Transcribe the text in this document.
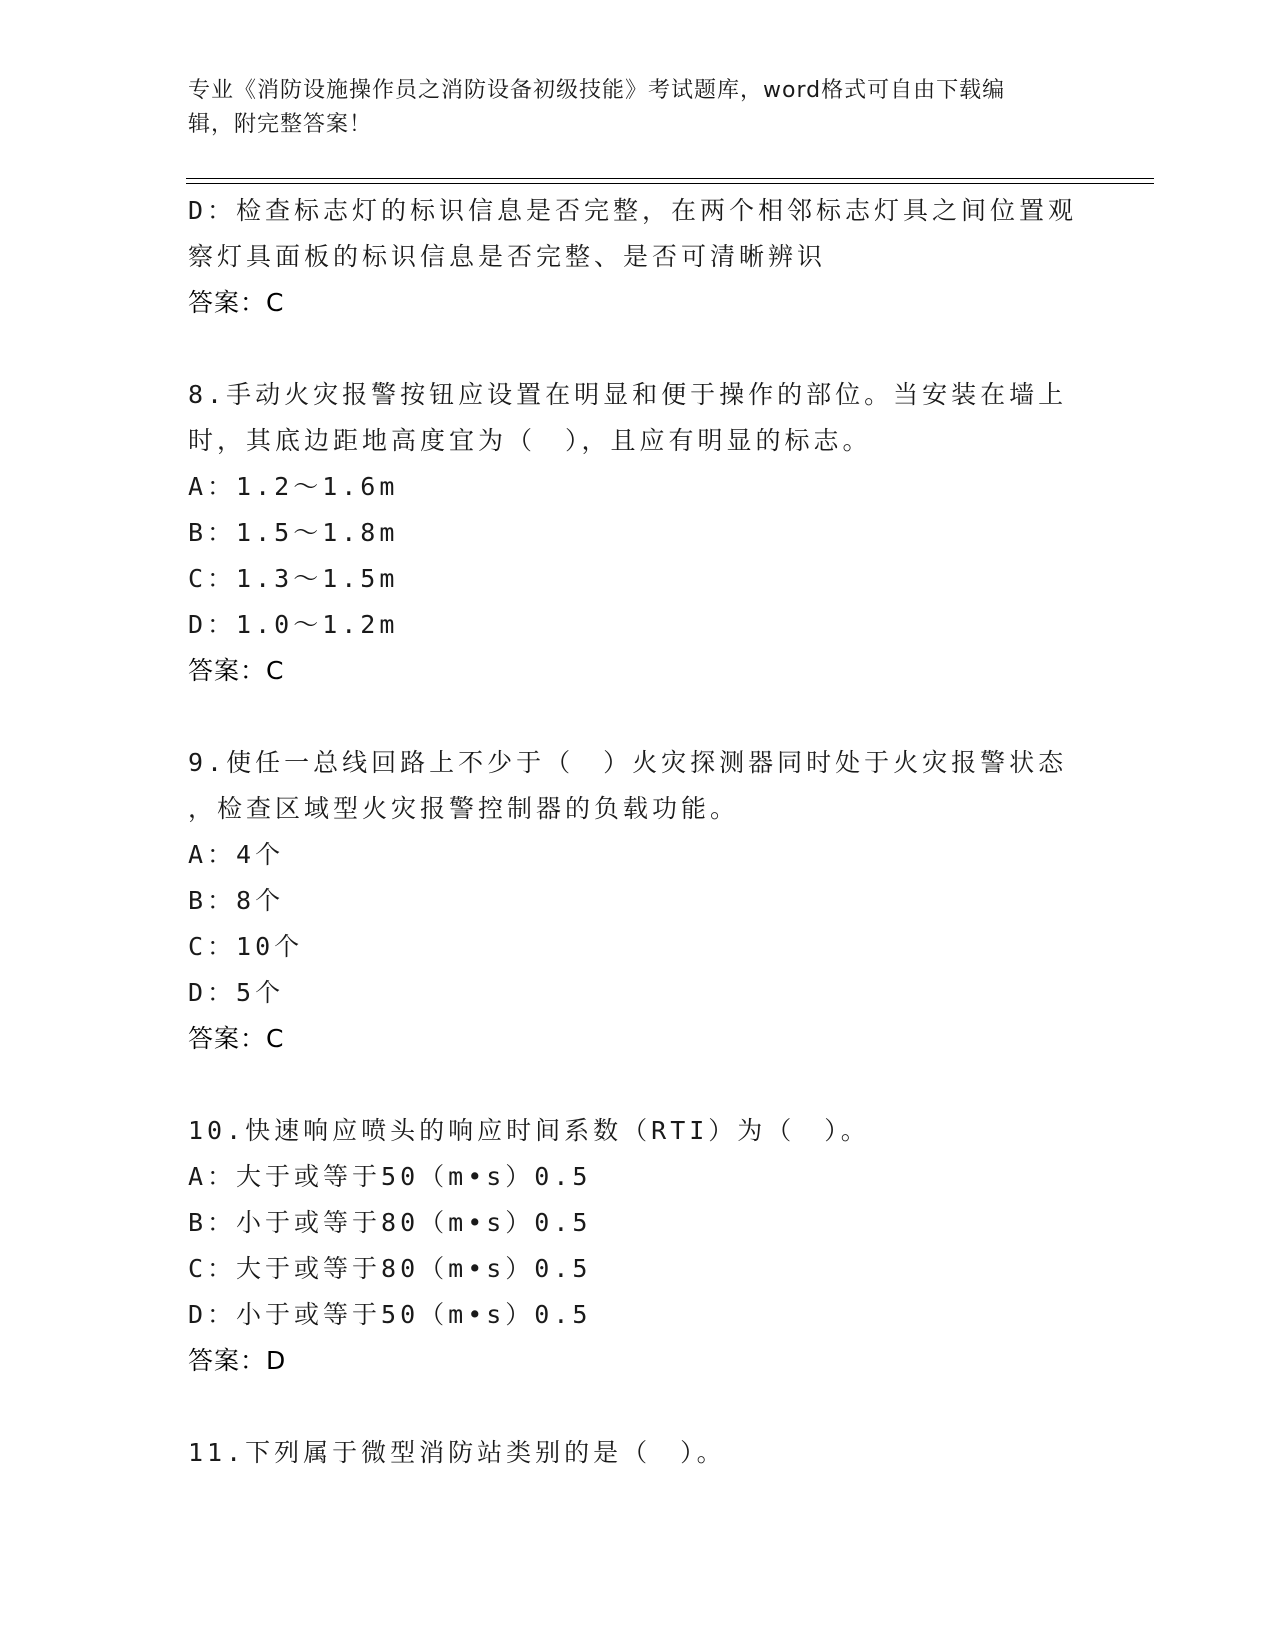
专业《消防设施操作员之消防设备初级技能》考试题库，word格式可自由下载编
辑，附完整答案！
D：检查标志灯的标识信息是否完整，在两个相邻标志灯具之间位置观
察灯具面板的标识信息是否完整、是否可清晰辨识
答案：C
8.手动火灾报警按钮应设置在明显和便于操作的部位。当安装在墙上
时，其底边距地高度宜为（　），且应有明显的标志。
A：1.2～1.6m
B：1.5～1.8m
C：1.3～1.5m
D：1.0～1.2m
答案：C
9.使任一总线回路上不少于（　）火灾探测器同时处于火灾报警状态
，检查区域型火灾报警控制器的负载功能。
A：4个
B：8个
C：10个
D：5个
答案：C
10.快速响应喷头的响应时间系数（RTI）为（　）。
A：大于或等于50（m•s）0.5
B：小于或等于80（m•s）0.5
C：大于或等于80（m•s）0.5
D：小于或等于50（m•s）0.5
答案：D
11.下列属于微型消防站类别的是（　）。
